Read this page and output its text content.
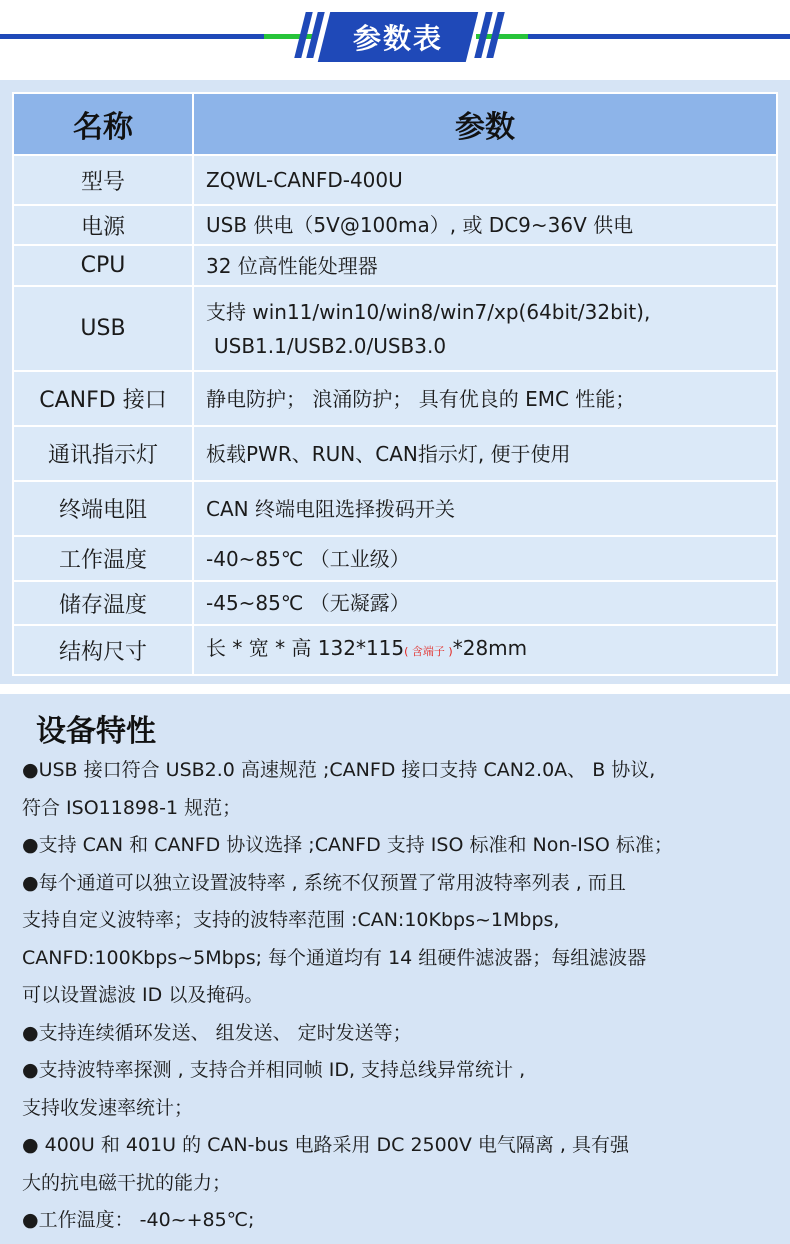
参数表
名称	参数
型号	ZQWL-CANFD-400U
电源	USB 供电（5V@100ma）, 或 DC9~36V 供电
CPU	32 位高性能处理器
USB	支持 win11/win10/win8/win7/xp(64bit/32bit),
USB1.1/USB2.0/USB3.0

CANFD 接口	静电防护； 浪涌防护； 具有优良的 EMC 性能；
通讯指示灯	板载PWR、RUN、CAN指示灯, 便于使用
终端电阻	CAN 终端电阻选择拨码开关
工作温度	-40~85℃ （工业级）
储存温度	-45~85℃ （无凝露）
结构尺寸	长 * 宽 * 高 132*115( 含端子 )*28mm
设备特性
●USB 接口符合 USB2.0 高速规范 ;CANFD 接口支持 CAN2.0A、 B 协议,
符合 ISO11898-1 规范；
●支持 CAN 和 CANFD 协议选择 ;CANFD 支持 ISO 标准和 Non-ISO 标准；
●每个通道可以独立设置波特率 , 系统不仅预置了常用波特率列表 , 而且
支持自定义波特率；支持的波特率范围 :CAN:10Kbps~1Mbps,
CANFD:100Kbps~5Mbps; 每个通道均有 14 组硬件滤波器；每组滤波器
可以设置滤波 ID 以及掩码。
●支持连续循环发送、 组发送、 定时发送等；
●支持波特率探测 , 支持合并相同帧 ID, 支持总线异常统计 ,
支持收发速率统计；
● 400U 和 401U 的 CAN-bus 电路采用 DC 2500V 电气隔离 , 具有强
大的抗电磁干扰的能力；
●工作温度： -40~+85℃;
